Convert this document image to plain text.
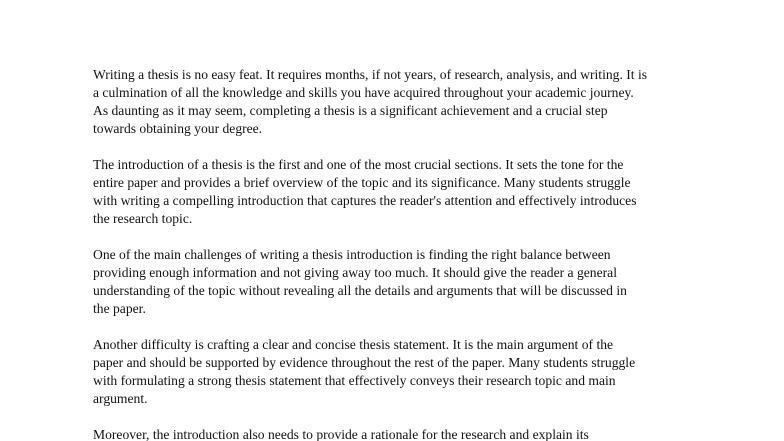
Writing a thesis is no easy feat. It requires months, if not years, of research, analysis, and writing. It is
a culmination of all the knowledge and skills you have acquired throughout your academic journey.
As daunting as it may seem, completing a thesis is a significant achievement and a crucial step
towards obtaining your degree.

The introduction of a thesis is the first and one of the most crucial sections. It sets the tone for the
entire paper and provides a brief overview of the topic and its significance. Many students struggle
with writing a compelling introduction that captures the reader's attention and effectively introduces
the research topic.

One of the main challenges of writing a thesis introduction is finding the right balance between
providing enough information and not giving away too much. It should give the reader a general
understanding of the topic without revealing all the details and arguments that will be discussed in
the paper.

Another difficulty is crafting a clear and concise thesis statement. It is the main argument of the
paper and should be supported by evidence throughout the rest of the paper. Many students struggle
with formulating a strong thesis statement that effectively conveys their research topic and main
argument.

Moreover, the introduction also needs to provide a rationale for the research and explain its
